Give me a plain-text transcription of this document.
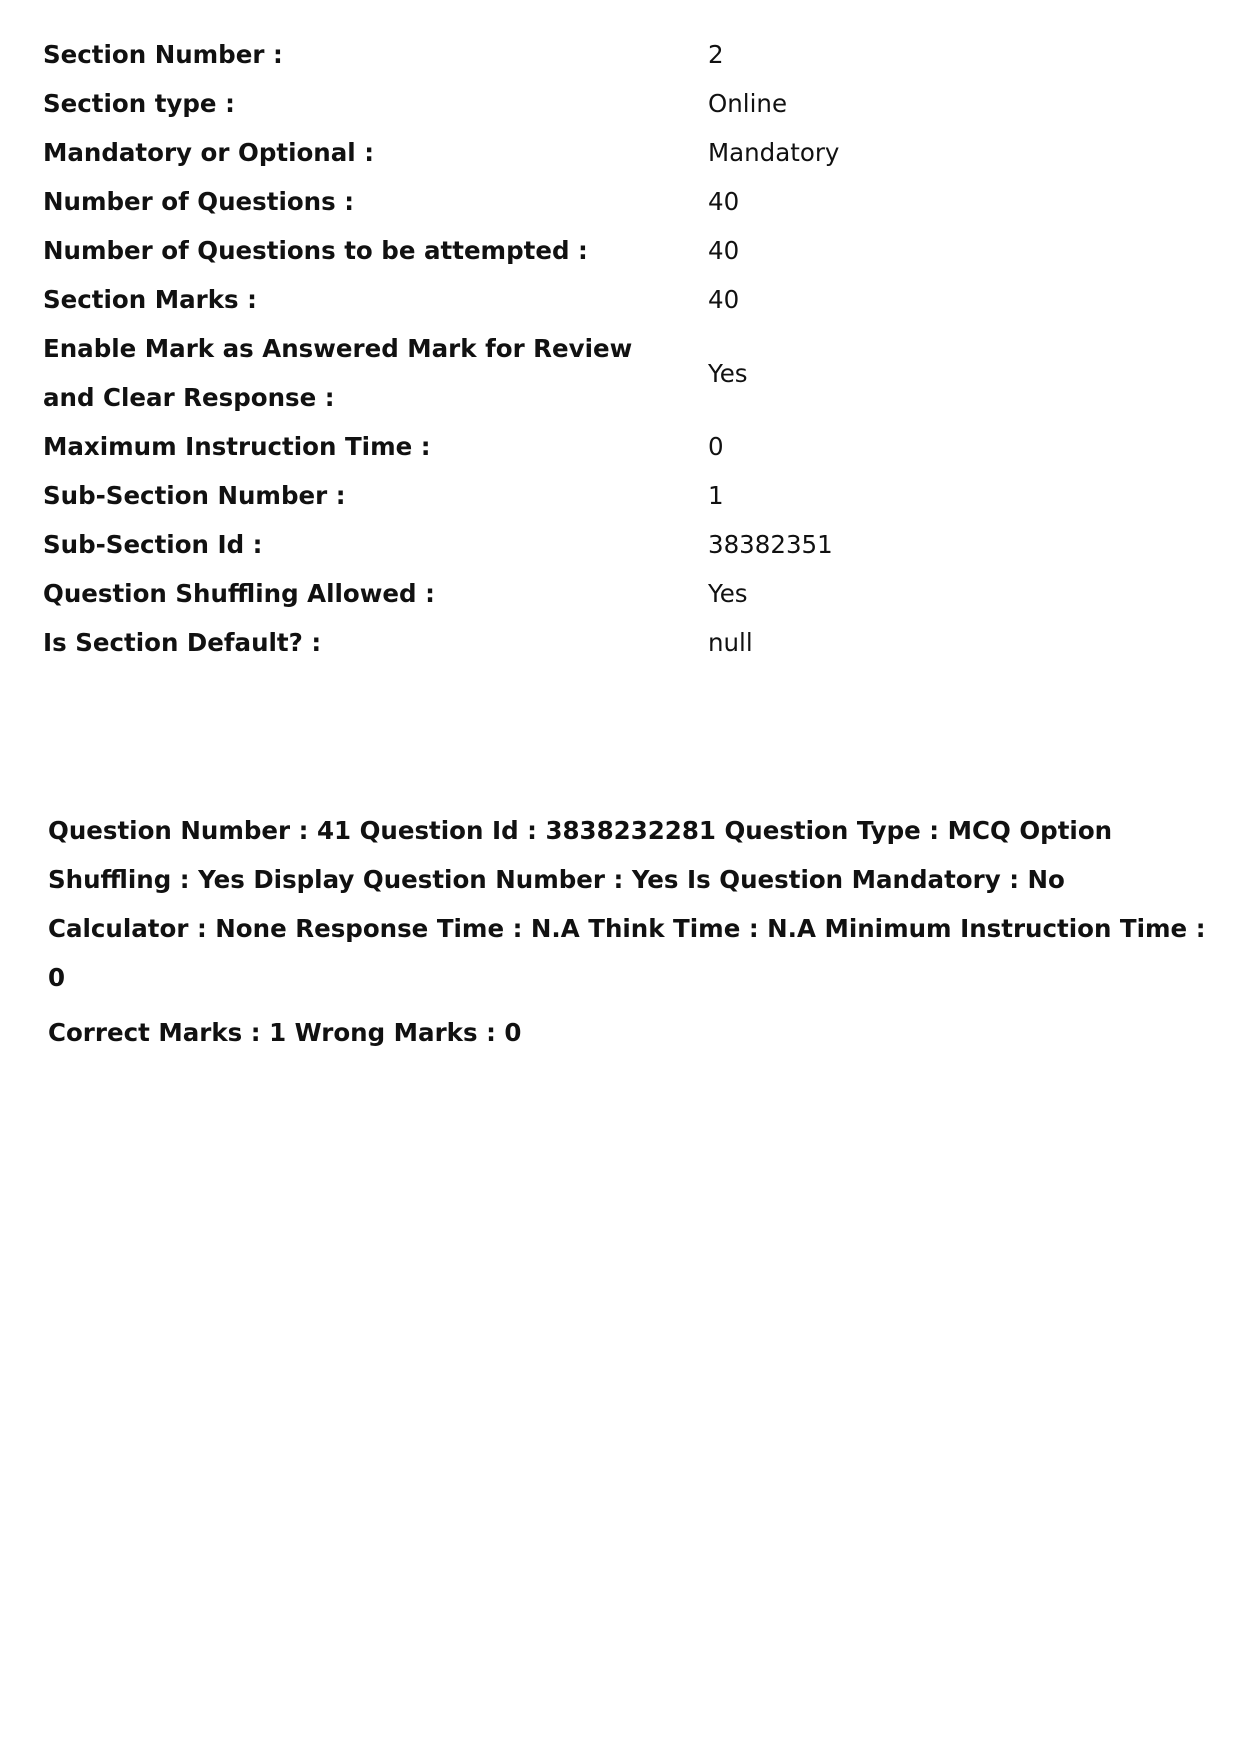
Section Number :	2
Section type :	Online
Mandatory or Optional :	Mandatory
Number of Questions :	40
Number of Questions to be attempted :	40
Section Marks :	40
Enable Mark as Answered Mark for Review and Clear Response :	Yes
Maximum Instruction Time :	0
Sub-Section Number :	1
Sub-Section Id :	38382351
Question Shuffling Allowed :	Yes
Is Section Default? :	null

Question Number : 41 Question Id : 3838232281 Question Type : MCQ Option Shuffling : Yes Display Question Number : Yes Is Question Mandatory : No Calculator : None Response Time : N.A Think Time : N.A Minimum Instruction Time : 0

Correct Marks : 1 Wrong Marks : 0
